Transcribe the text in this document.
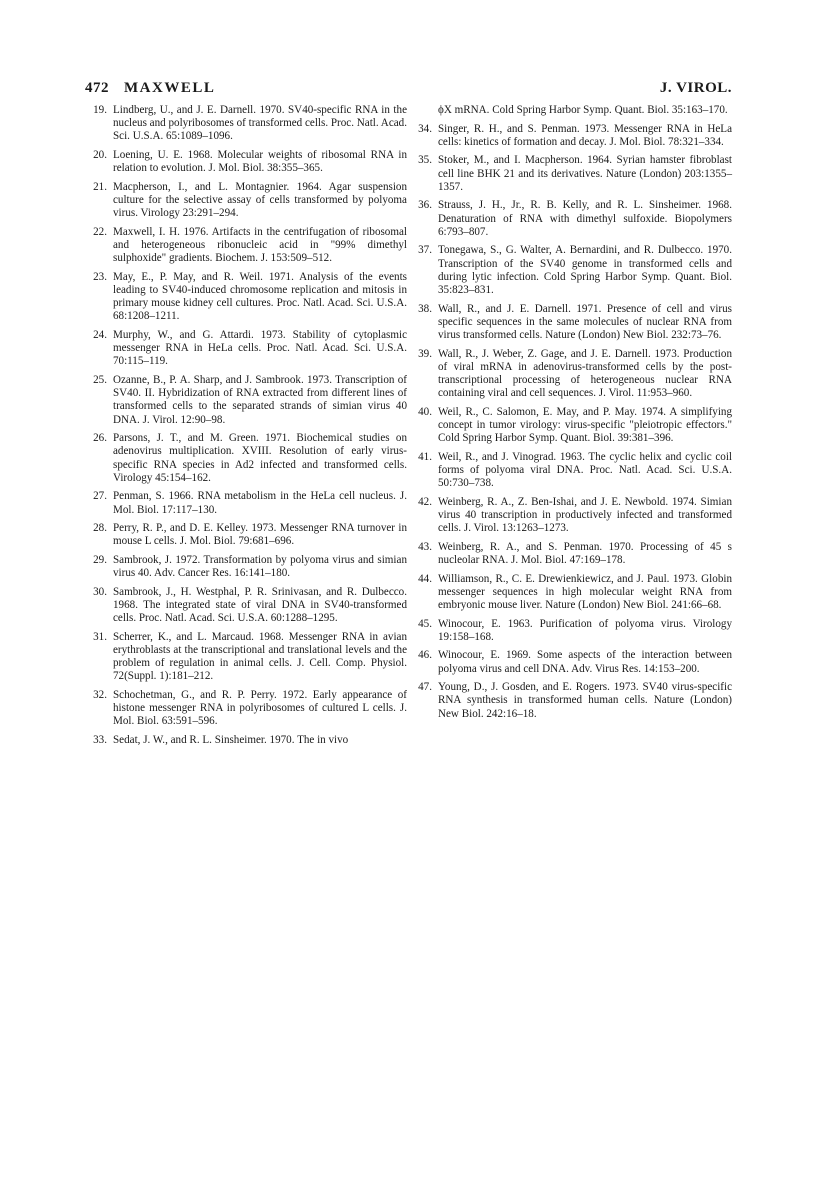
472 MAXWELL	J. VIROL.
19. Lindberg, U., and J. E. Darnell. 1970. SV40-specific RNA in the nucleus and polyribosomes of transformed cells. Proc. Natl. Acad. Sci. U.S.A. 65:1089–1096.
20. Loening, U. E. 1968. Molecular weights of ribosomal RNA in relation to evolution. J. Mol. Biol. 38:355–365.
21. Macpherson, I., and L. Montagnier. 1964. Agar suspension culture for the selective assay of cells transformed by polyoma virus. Virology 23:291–294.
22. Maxwell, I. H. 1976. Artifacts in the centrifugation of ribosomal and heterogeneous ribonucleic acid in "99% dimethyl sulphoxide" gradients. Biochem. J. 153:509–512.
23. May, E., P. May, and R. Weil. 1971. Analysis of the events leading to SV40-induced chromosome replication and mitosis in primary mouse kidney cell cultures. Proc. Natl. Acad. Sci. U.S.A. 68:1208–1211.
24. Murphy, W., and G. Attardi. 1973. Stability of cytoplasmic messenger RNA in HeLa cells. Proc. Natl. Acad. Sci. U.S.A. 70:115–119.
25. Ozanne, B., P. A. Sharp, and J. Sambrook. 1973. Transcription of SV40. II. Hybridization of RNA extracted from different lines of transformed cells to the separated strands of simian virus 40 DNA. J. Virol. 12:90–98.
26. Parsons, J. T., and M. Green. 1971. Biochemical studies on adenovirus multiplication. XVIII. Resolution of early virus-specific RNA species in Ad2 infected and transformed cells. Virology 45:154–162.
27. Penman, S. 1966. RNA metabolism in the HeLa cell nucleus. J. Mol. Biol. 17:117–130.
28. Perry, R. P., and D. E. Kelley. 1973. Messenger RNA turnover in mouse L cells. J. Mol. Biol. 79:681–696.
29. Sambrook, J. 1972. Transformation by polyoma virus and simian virus 40. Adv. Cancer Res. 16:141–180.
30. Sambrook, J., H. Westphal, P. R. Srinivasan, and R. Dulbecco. 1968. The integrated state of viral DNA in SV40-transformed cells. Proc. Natl. Acad. Sci. U.S.A. 60:1288–1295.
31. Scherrer, K., and L. Marcaud. 1968. Messenger RNA in avian erythroblasts at the transcriptional and translational levels and the problem of regulation in animal cells. J. Cell. Comp. Physiol. 72(Suppl. 1):181–212.
32. Schochetman, G., and R. P. Perry. 1972. Early appearance of histone messenger RNA in polyribosomes of cultured L cells. J. Mol. Biol. 63:591–596.
33. Sedat, J. W., and R. L. Sinsheimer. 1970. The in vivo
ϕX mRNA. Cold Spring Harbor Symp. Quant. Biol. 35:163–170.
34. Singer, R. H., and S. Penman. 1973. Messenger RNA in HeLa cells: kinetics of formation and decay. J. Mol. Biol. 78:321–334.
35. Stoker, M., and I. Macpherson. 1964. Syrian hamster fibroblast cell line BHK 21 and its derivatives. Nature (London) 203:1355–1357.
36. Strauss, J. H., Jr., R. B. Kelly, and R. L. Sinsheimer. 1968. Denaturation of RNA with dimethyl sulfoxide. Biopolymers 6:793–807.
37. Tonegawa, S., G. Walter, A. Bernardini, and R. Dulbecco. 1970. Transcription of the SV40 genome in transformed cells and during lytic infection. Cold Spring Harbor Symp. Quant. Biol. 35:823–831.
38. Wall, R., and J. E. Darnell. 1971. Presence of cell and virus specific sequences in the same molecules of nuclear RNA from virus transformed cells. Nature (London) New Biol. 232:73–76.
39. Wall, R., J. Weber, Z. Gage, and J. E. Darnell. 1973. Production of viral mRNA in adenovirus-transformed cells by the post-transcriptional processing of heterogeneous nuclear RNA containing viral and cell sequences. J. Virol. 11:953–960.
40. Weil, R., C. Salomon, E. May, and P. May. 1974. A simplifying concept in tumor virology: virus-specific "pleiotropic effectors." Cold Spring Harbor Symp. Quant. Biol. 39:381–396.
41. Weil, R., and J. Vinograd. 1963. The cyclic helix and cyclic coil forms of polyoma viral DNA. Proc. Natl. Acad. Sci. U.S.A. 50:730–738.
42. Weinberg, R. A., Z. Ben-Ishai, and J. E. Newbold. 1974. Simian virus 40 transcription in productively infected and transformed cells. J. Virol. 13:1263–1273.
43. Weinberg, R. A., and S. Penman. 1970. Processing of 45 s nucleolar RNA. J. Mol. Biol. 47:169–178.
44. Williamson, R., C. E. Drewienkiewicz, and J. Paul. 1973. Globin messenger sequences in high molecular weight RNA from embryonic mouse liver. Nature (London) New Biol. 241:66–68.
45. Winocour, E. 1963. Purification of polyoma virus. Virology 19:158–168.
46. Winocour, E. 1969. Some aspects of the interaction between polyoma virus and cell DNA. Adv. Virus Res. 14:153–200.
47. Young, D., J. Gosden, and E. Rogers. 1973. SV40 virus-specific RNA synthesis in transformed human cells. Nature (London) New Biol. 242:16–18.
